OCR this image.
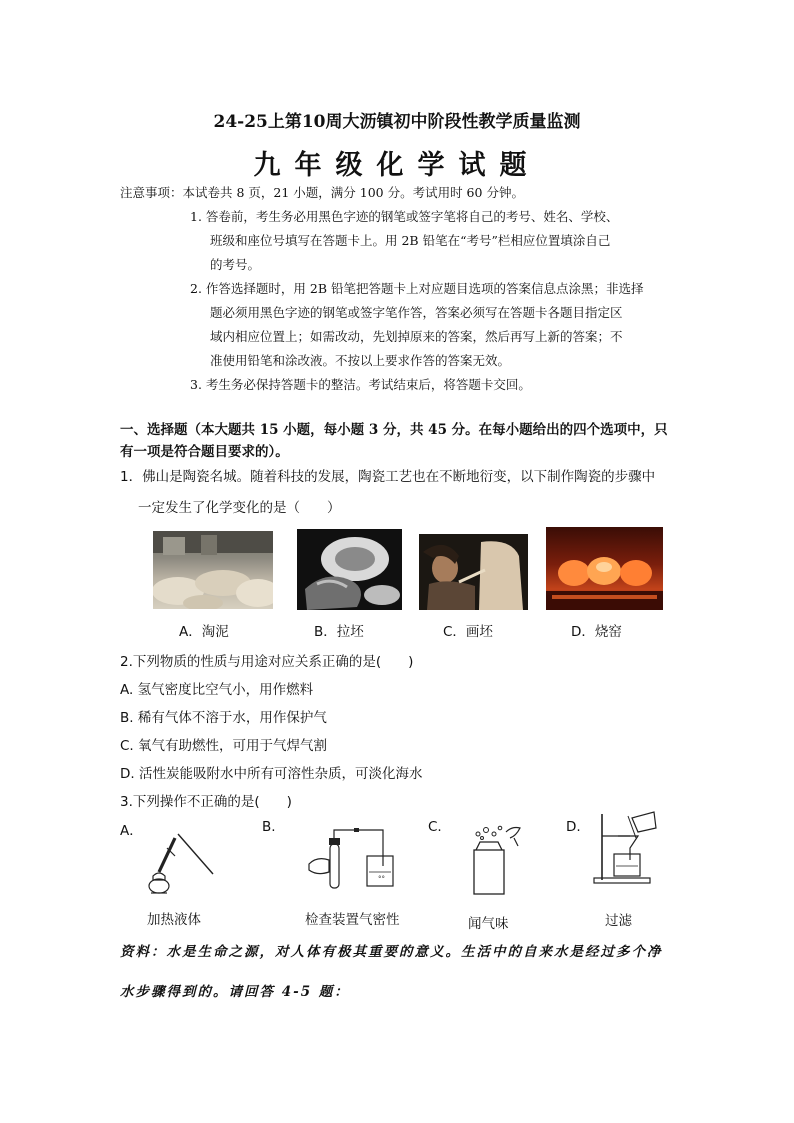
24-25上第10周大沥镇初中阶段性教学质量监测
九年级化学试题
注意事项：本试卷共 8 页，21 小题，满分 100 分。考试用时 60 分钟。
1. 答卷前，考生务必用黑色字迹的钢笔或签字笔将自己的考号、姓名、学校、
班级和座位号填写在答题卡上。用 2B 铅笔在“考号”栏相应位置填涂自己
的考号。
2. 作答选择题时，用 2B 铅笔把答题卡上对应题目选项的答案信息点涂黑；非选择
题必须用黑色字迹的钢笔或签字笔作答，答案必须写在答题卡各题目指定区
域内相应位置上；如需改动，先划掉原来的答案，然后再写上新的答案；不
准使用铅笔和涂改液。不按以上要求作答的答案无效。
3. 考生务必保持答题卡的整洁。考试结束后，将答题卡交回。
一、选择题（本大题共 15 小题，每小题 3 分，共 45 分。在每小题给出的四个选项中，只
有一项是符合题目要求的）。
1．佛山是陶瓷名城。随着科技的发展，陶瓷工艺也在不断地衍变，以下制作陶瓷的步骤中
一定发生了化学变化的是（　　）
A．淘泥	B．拉坯	C．画坯	D．烧窑
2.下列物质的性质与用途对应关系正确的是(　　)
A. 氢气密度比空气小，用作燃料
B. 稀有气体不溶于水，用作保护气
C. 氧气有助燃性，可用于气焊气割
D. 活性炭能吸附水中所有可溶性杂质，可淡化海水
3.下列操作不正确的是(　　)
A．	B.	C.	D.
°°
加热液体	检查装置气密性	闻气味	过滤
资料：水是生命之源，对人体有极其重要的意义。生活中的自来水是经过多个净
水步骤得到的。请回答 4-5 题：
